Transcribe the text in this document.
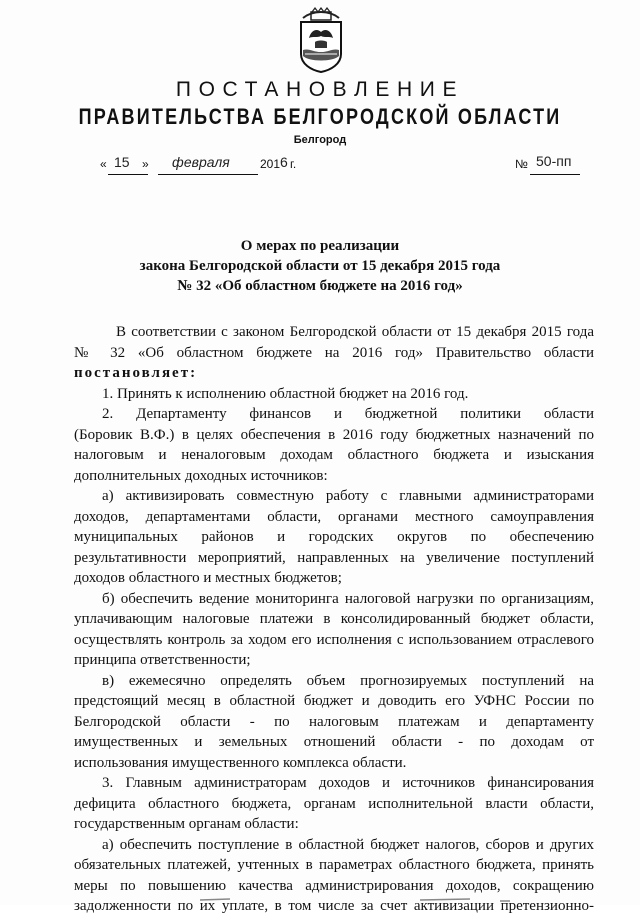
ПОСТАНОВЛЕНИЕ
ПРАВИТЕЛЬСТВА БЕЛГОРОДСКОЙ ОБЛАСТИ
Белгород
« 15 » февраля	201 6 г.	№ 50-пп
О мерах по реализации
закона Белгородской области от 15 декабря 2015 года
№ 32 «Об областном бюджете на 2016 год»

В соответствии с законом Белгородской области от 15 декабря 2015 года

№ 32 «Об областном бюджете на 2016 год» Правительство области

постановляет:

1. Принять к исполнению областной бюджет на 2016 год.

2. Департаменту финансов и бюджетной политики области

(Боровик В.Ф.) в целях обеспечения в 2016 году бюджетных назначений по

налоговым и неналоговым доходам областного бюджета и изыскания

дополнительных доходных источников:

а) активизировать совместную работу с главными администраторами

доходов, департаментами области, органами местного самоуправления

муниципальных районов и городских округов по обеспечению

результативности мероприятий, направленных на увеличение поступлений

доходов областного и местных бюджетов;

б) обеспечить ведение мониторинга налоговой нагрузки по организациям,

уплачивающим налоговые платежи в консолидированный бюджет области,

осуществлять контроль за ходом его исполнения с использованием отраслевого

принципа ответственности;

в) ежемесячно определять объем прогнозируемых поступлений на

предстоящий месяц в областной бюджет и доводить его УФНС России по

Белгородской области - по налоговым платежам и департаменту

имущественных и земельных отношений области - по доходам от

использования имущественного комплекса области.

3. Главным администраторам доходов и источников финансирования

дефицита областного бюджета, органам исполнительной власти области,

государственным органам области:

а) обеспечить поступление в областной бюджет налогов, сборов и других

обязательных платежей, учтенных в параметрах областного бюджета, принять

меры по повышению качества администрирования доходов, сокращению

задолженности по их уплате, в том числе за счет активизации претензионно-
